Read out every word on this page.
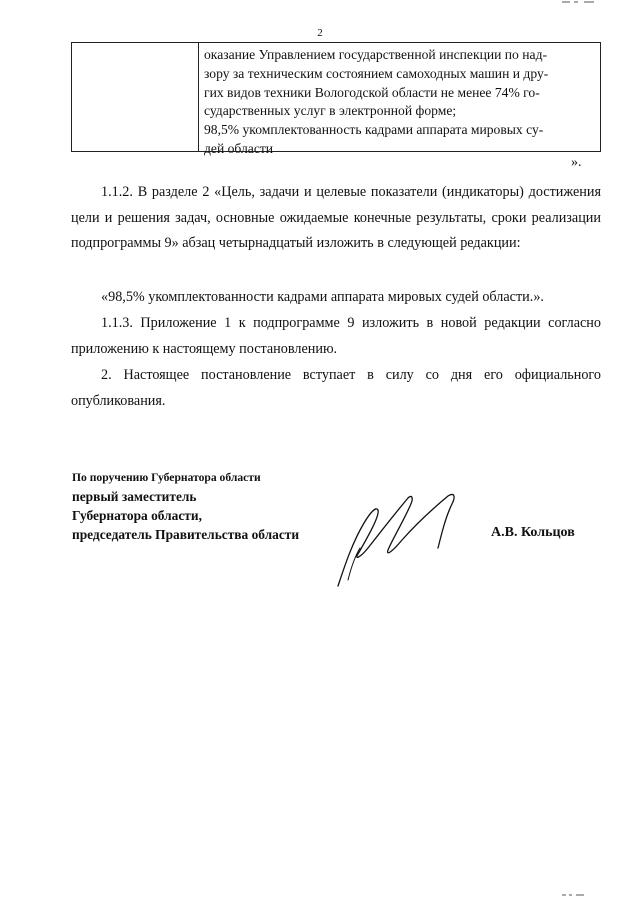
2
оказание Управлением государственной инспекции по над-
зору за техническим состоянием самоходных машин и дру-
гих видов техники Вологодской области не менее 74% го-
сударственных услуг в электронной форме;
98,5% укомплектованность кадрами аппарата мировых су-
дей области
».
1.1.2. В разделе 2 «Цель, задачи и целевые показатели (индикаторы) достижения цели и решения задач, основные ожидаемые конечные результаты, сроки реализации подпрограммы 9» абзац четырнадцатый изложить в следующей редакции:
«98,5% укомплектованности кадрами аппарата мировых судей области.».
1.1.3. Приложение 1 к подпрограмме 9 изложить в новой редакции согласно приложению к настоящему постановлению.
2. Настоящее постановление вступает в силу со дня его официального опубликования.
По поручению Губернатора области
первый заместитель
Губернатора области,
председатель Правительства области	А.В. Кольцов
